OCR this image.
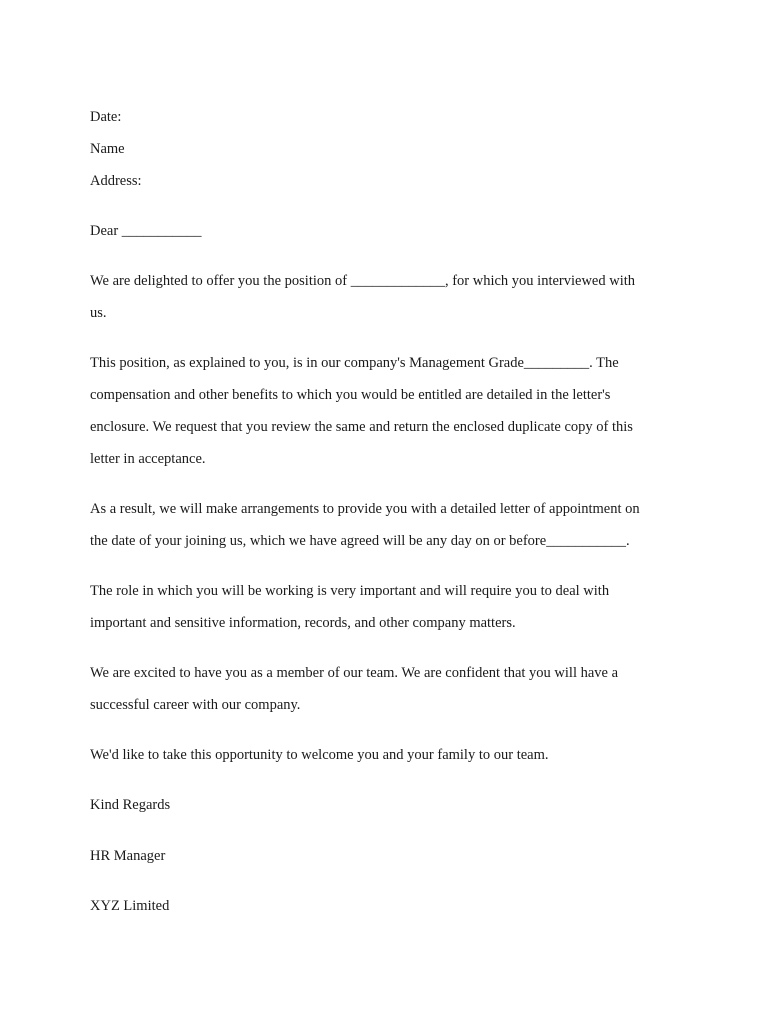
Date:

Name

Address:

Dear ___________

We are delighted to offer you the position of _____________, for which you interviewed with

us.

This position, as explained to you, is in our company's Management Grade_________. The

compensation and other benefits to which you would be entitled are detailed in the letter's

enclosure. We request that you review the same and return the enclosed duplicate copy of this

letter in acceptance.

As a result, we will make arrangements to provide you with a detailed letter of appointment on

the date of your joining us, which we have agreed will be any day on or before___________.

The role in which you will be working is very important and will require you to deal with

important and sensitive information, records, and other company matters.

We are excited to have you as a member of our team. We are confident that you will have a

successful career with our company.

We'd like to take this opportunity to welcome you and your family to our team.

Kind Regards

HR Manager

XYZ Limited
